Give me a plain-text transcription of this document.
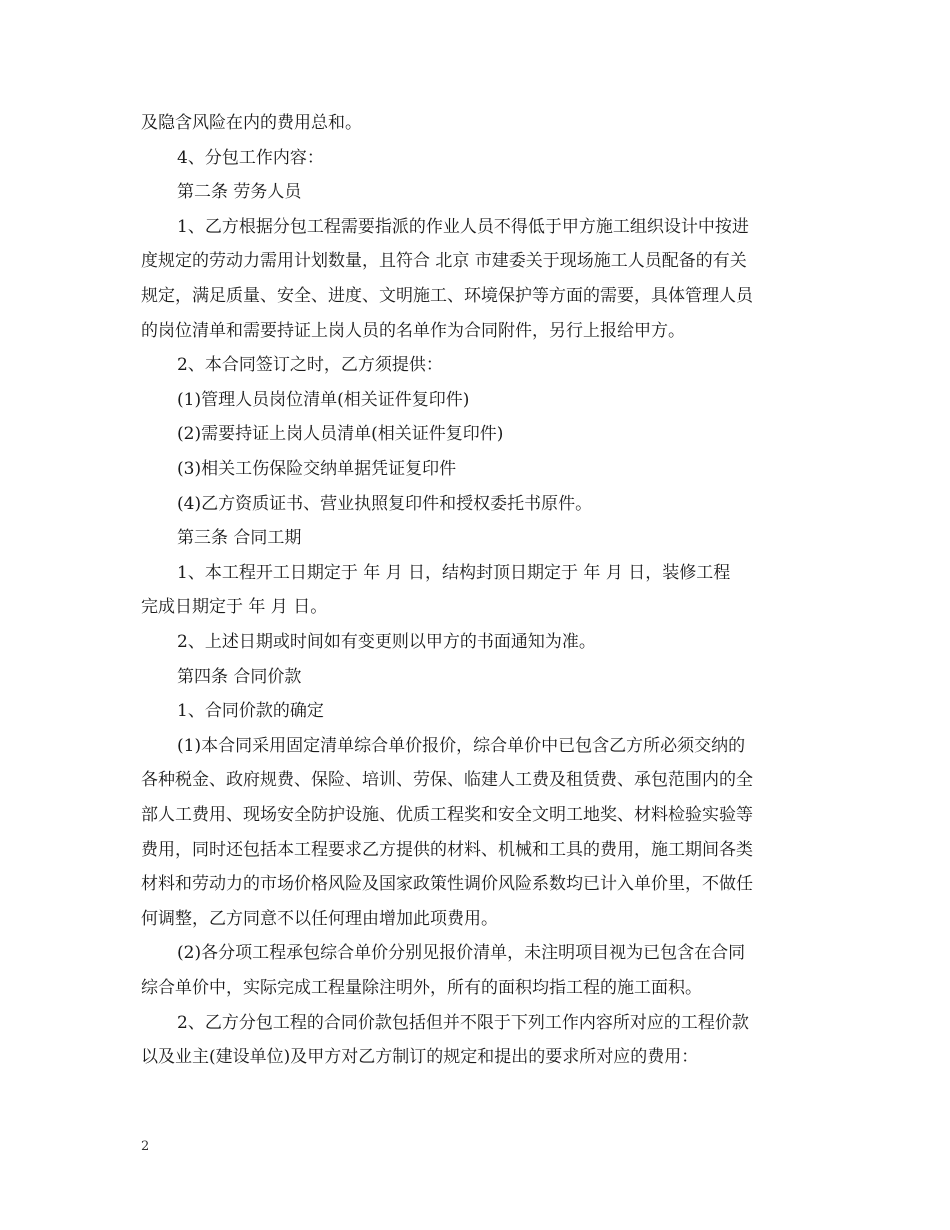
及隐含风险在内的费用总和。
4、分包工作内容：
第二条 劳务人员
1、乙方根据分包工程需要指派的作业人员不得低于甲方施工组织设计中按进
度规定的劳动力需用计划数量，且符合 北京 市建委关于现场施工人员配备的有关
规定，满足质量、安全、进度、文明施工、环境保护等方面的需要，具体管理人员
的岗位清单和需要持证上岗人员的名单作为合同附件，另行上报给甲方。
2、本合同签订之时，乙方须提供：
(1)管理人员岗位清单(相关证件复印件)
(2)需要持证上岗人员清单(相关证件复印件)
(3)相关工伤保险交纳单据凭证复印件
(4)乙方资质证书、营业执照复印件和授权委托书原件。
第三条 合同工期
1、本工程开工日期定于 年 月 日，结构封顶日期定于 年 月 日，装修工程
完成日期定于 年 月 日。
2、上述日期或时间如有变更则以甲方的书面通知为准。
第四条 合同价款
1、合同价款的确定
(1)本合同采用固定清单综合单价报价，综合单价中已包含乙方所必须交纳的
各种税金、政府规费、保险、培训、劳保、临建人工费及租赁费、承包范围内的全
部人工费用、现场安全防护设施、优质工程奖和安全文明工地奖、材料检验实验等
费用，同时还包括本工程要求乙方提供的材料、机械和工具的费用，施工期间各类
材料和劳动力的市场价格风险及国家政策性调价风险系数均已计入单价里，不做任
何调整，乙方同意不以任何理由增加此项费用。
(2)各分项工程承包综合单价分别见报价清单，未注明项目视为已包含在合同
综合单价中，实际完成工程量除注明外，所有的面积均指工程的施工面积。
2、乙方分包工程的合同价款包括但并不限于下列工作内容所对应的工程价款
以及业主(建设单位)及甲方对乙方制订的规定和提出的要求所对应的费用：
2
